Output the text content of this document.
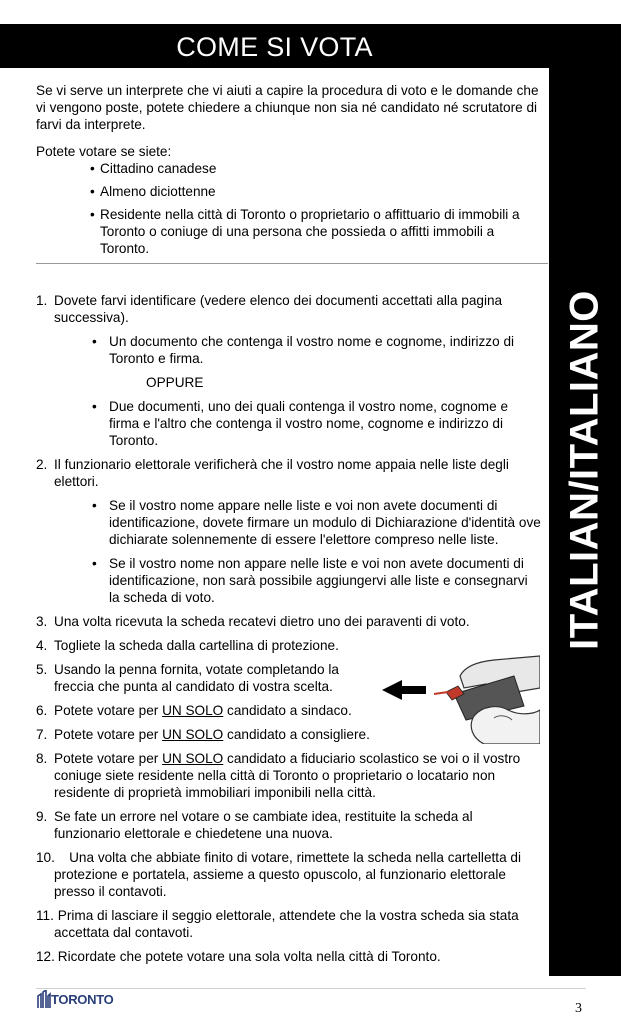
COME SI VOTA
ITALIAN/ITALIANO

Se vi serve un interprete che vi aiuti a capire la procedura di voto e le domande che vi vengono poste, potete chiedere a chiunque non sia né candidato né scrutatore di farvi da interprete.

Potete votare se siete:

• Cittadino canadese
• Almeno diciottenne
• Residente nella città di Toronto o proprietario o affittuario di immobili a Toronto o coniuge di una persona che possieda o affitti immobili a Toronto.
1. Dovete farvi identificare (vedere elenco dei documenti accettati alla pagina successiva).
• Un documento che contenga il vostro nome e cognome, indirizzo di Toronto e firma.
OPPURE
• Due documenti, uno dei quali contenga il vostro nome, cognome e firma e l'altro che contenga il vostro nome, cognome e indirizzo di Toronto.
2. Il funzionario elettorale verificherà che il vostro nome appaia nelle liste degli elettori.
• Se il vostro nome appare nelle liste e voi non avete documenti di identificazione, dovete firmare un modulo di Dichiarazione d'identità ove dichiarate solennemente di essere l'elettore compreso nelle liste.
• Se il vostro nome non appare nelle liste e voi non avete documenti di identificazione, non sarà possibile aggiungervi alle liste e consegnarvi la scheda di voto.
3. Una volta ricevuta la scheda recatevi dietro uno dei paraventi di voto.
4. Togliete la scheda dalla cartellina di protezione.
5. Usando la penna fornita, votate completando la freccia che punta al candidato di vostra scelta.
6. Potete votare per UN SOLO candidato a sindaco.
7. Potete votare per UN SOLO candidato a consigliere.
8. Potete votare per UN SOLO candidato a fiduciario scolastico se voi o il vostro coniuge siete residente nella città di Toronto o proprietario o locatario non residente di proprietà immobiliari imponibili nella città.
9. Se fate un errore nel votare o se cambiate idea, restituite la scheda al funzionario elettorale e chiedetene una nuova.
10. Una volta che abbiate finito di votare, rimettete la scheda nella cartelletta di protezione e portatela, assieme a questo opuscolo, al funzionario elettorale presso il contavoti.
11. Prima di lasciare il seggio elettorale, attendete che la vostra scheda sia stata accettata dal contavoti.
12. Ricordate che potete votare una sola volta nella città di Toronto.
TORONTO
3
